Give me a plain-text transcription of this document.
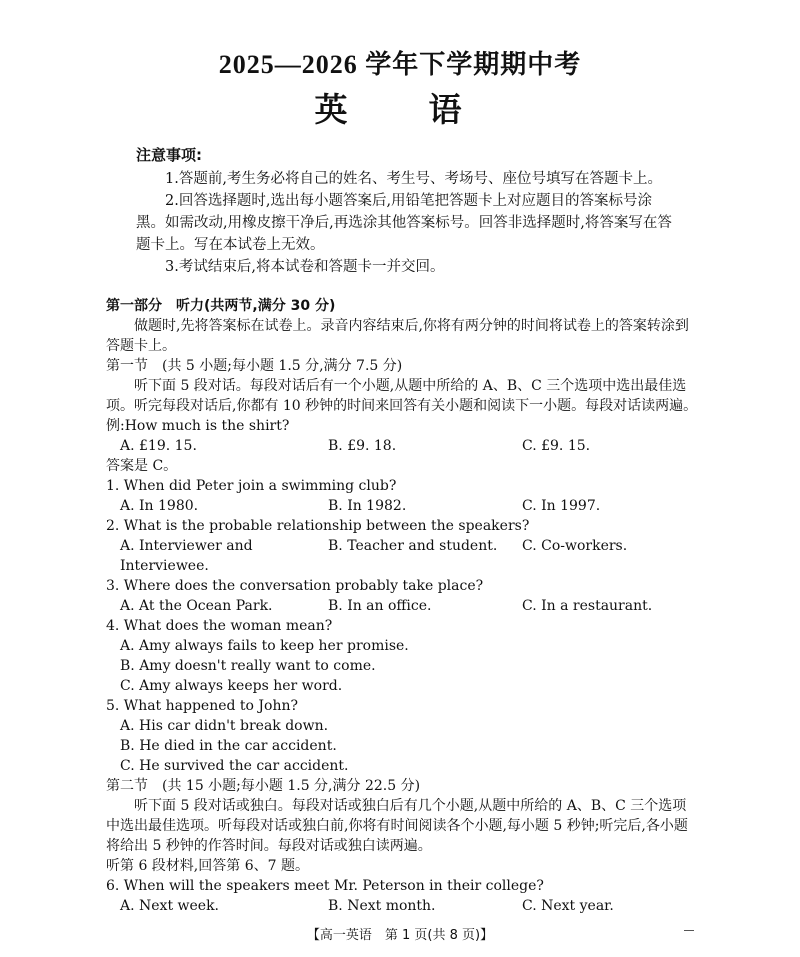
2025—2026 学年下学期期中考
英　语
注意事项:

1.答题前,考生务必将自己的姓名、考生号、考场号、座位号填写在答题卡上。

2.回答选择题时,选出每小题答案后,用铅笔把答题卡上对应题目的答案标号涂黑。如需改动,用橡皮擦干净后,再选涂其他答案标号。回答非选择题时,将答案写在答题卡上。写在本试卷上无效。

3.考试结束后,将本试卷和答题卡一并交回。

第一部分　听力(共两节,满分 30 分)

做题时,先将答案标在试卷上。录音内容结束后,你将有两分钟的时间将试卷上的答案转涂到答题卡上。

第一节　(共 5 小题;每小题 1.5 分,满分 7.5 分)

听下面 5 段对话。每段对话后有一个小题,从题中所给的 A、B、C 三个选项中选出最佳选项。听完每段对话后,你都有 10 秒钟的时间来回答有关小题和阅读下一小题。每段对话读两遍。

例:How much is the shirt?

A. £19. 15.	B. £9. 18.	C. £9. 15.

答案是 C。

1. When did Peter join a swimming club?

A. In 1980.	B. In 1982.	C. In 1997.

2. What is the probable relationship between the speakers?

A. Interviewer and Interviewee.
B. Teacher and student.	C. Co-workers.

3. Where does the conversation probably take place?

A. At the Ocean Park.	B. In an office.	C. In a restaurant.

4. What does the woman mean?

A. Amy always fails to keep her promise.

B. Amy doesn't really want to come.

C. Amy always keeps her word.

5. What happened to John?

A. His car didn't break down.

B. He died in the car accident.

C. He survived the car accident.

第二节　(共 15 小题;每小题 1.5 分,满分 22.5 分)

听下面 5 段对话或独白。每段对话或独白后有几个小题,从题中所给的 A、B、C 三个选项中选出最佳选项。听每段对话或独白前,你将有时间阅读各个小题,每小题 5 秒钟;听完后,各小题将给出 5 秒钟的作答时间。每段对话或独白读两遍。

听第 6 段材料,回答第 6、7 题。

6. When will the speakers meet Mr. Peterson in their college?

A. Next week.	B. Next month.	C. Next year.
【高一英语　第 1 页(共 8 页)】
